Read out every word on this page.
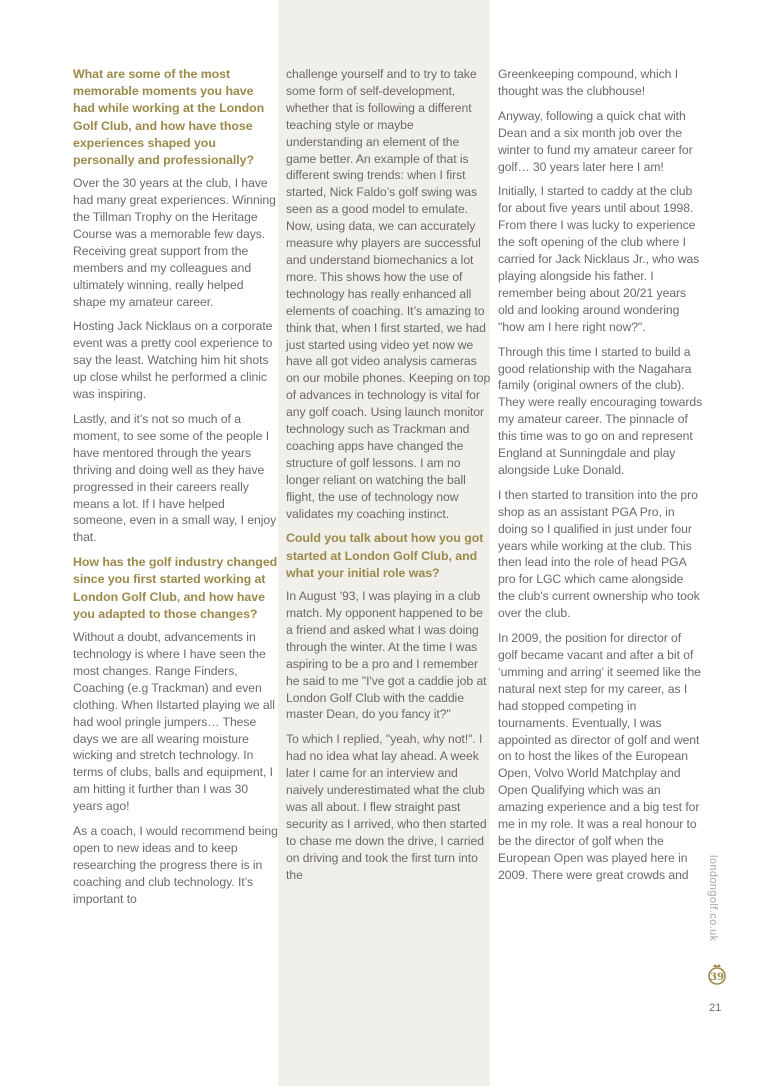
What are some of the most memorable moments you have had while working at the London Golf Club, and how have those experiences shaped you personally and professionally?

Over the 30 years at the club, I have had many great experiences. Winning the Tillman Trophy on the Heritage Course was a memorable few days. Receiving great support from the members and my colleagues and ultimately winning, really helped shape my amateur career.

Hosting Jack Nicklaus on a corporate event was a pretty cool experience to say the least. Watching him hit shots up close whilst he performed a clinic was inspiring.

Lastly, and it’s not so much of a moment, to see some of the people I have mentored through the years thriving and doing well as they have progressed in their careers really means a lot. If I have helped someone, even in a small way, I enjoy that.

How has the golf industry changed since you first started working at London Golf Club, and how have you adapted to those changes?

Without a doubt, advancements in technology is where I have seen the most changes. Range Finders, Coaching (e.g Trackman) and even clothing. When Ilstarted playing we all had wool pringle jumpers… These days we are all wearing moisture wicking and stretch technology. In terms of clubs, balls and equipment, I am hitting it further than I was 30 years ago!

As a coach, I would recommend being open to new ideas and to keep researching the progress there is in coaching and club technology. It’s important to

challenge yourself and to try to take some form of self-development, whether that is following a different teaching style or maybe understanding an element of the game better. An example of that is different swing trends: when I first started, Nick Faldo’s golf swing was seen as a good model to emulate. Now, using data, we can accurately measure why players are successful and understand biomechanics a lot more. This shows how the use of technology has really enhanced all elements of coaching. It’s amazing to think that, when I first started, we had just started using video yet now we have all got video analysis cameras on our mobile phones. Keeping on top of advances in technology is vital for any golf coach. Using launch monitor technology such as Trackman and coaching apps have changed the structure of golf lessons. I am no longer reliant on watching the ball flight, the use of technology now validates my coaching instinct.

Could you talk about how you got started at London Golf Club, and what your initial role was?

In August '93, I was playing in a club match. My opponent happened to be a friend and asked what I was doing through the winter. At the time I was aspiring to be a pro and I remember he said to me "I've got a caddie job at London Golf Club with the caddie master Dean, do you fancy it?"

To which I replied, "yeah, why not!". I had no idea what lay ahead. A week later I came for an interview and naively underestimated what the club was all about. I flew straight past security as I arrived, who then started to chase me down the drive, I carried on driving and took the first turn into the

Greenkeeping compound, which I thought was the clubhouse!

Anyway, following a quick chat with Dean and a six month job over the winter to fund my amateur career for golf… 30 years later here I am!

Initially, I started to caddy at the club for about five years until about 1998. From there I was lucky to experience the soft opening of the club where I carried for Jack Nicklaus Jr., who was playing alongside his father. I remember being about 20/21 years old and looking around wondering "how am I here right now?".

Through this time I started to build a good relationship with the Nagahara family (original owners of the club). They were really encouraging towards my amateur career. The pinnacle of this time was to go on and represent England at Sunningdale and play alongside Luke Donald.

I then started to transition into the pro shop as an assistant PGA Pro, in doing so I qualified in just under four years while working at the club. This then lead into the role of head PGA pro for LGC which came alongside the club's current ownership who took over the club.

In 2009, the position for director of golf became vacant and after a bit of ‘umming and arring’ it seemed like the natural next step for my career, as I had stopped competing in tournaments. Eventually, I was appointed as director of golf and went on to host the likes of the European Open, Volvo World Matchplay and Open Qualifying which was an amazing experience and a big test for me in my role. It was a real honour to be the director of golf when the European Open was played here in 2009. There were great crowds and	londongolf.co.uk
39
21
